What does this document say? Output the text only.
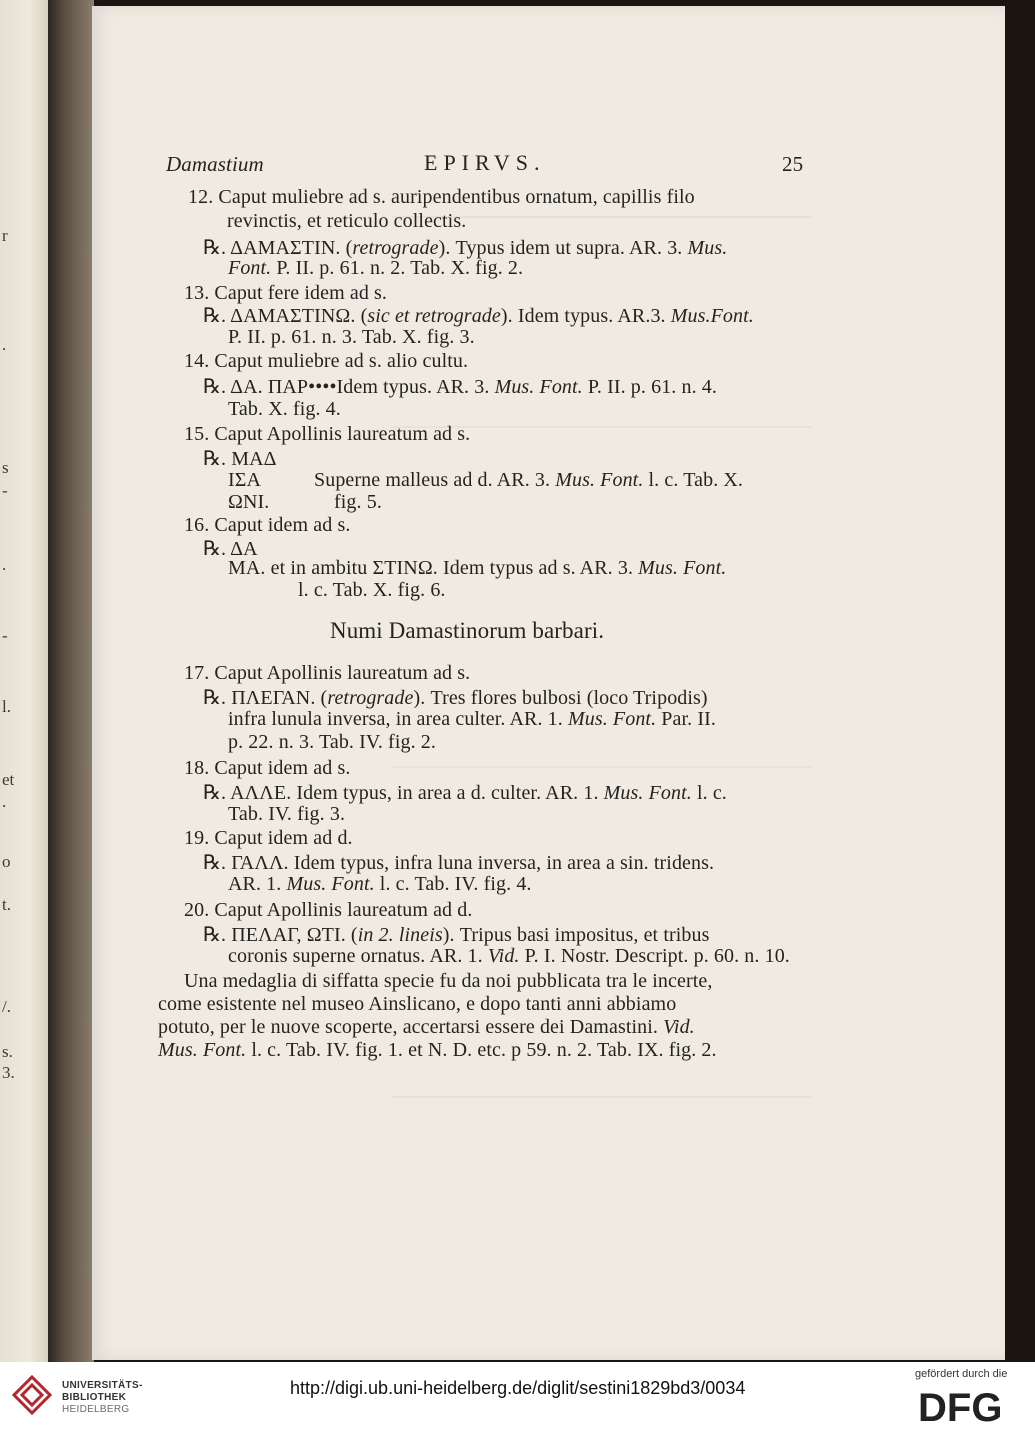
r
.
s
-
.
-
l.
et
.
o
t.
/.
s.
3.
Damastium	EPIRVS.	25
12. Caput muliebre ad s. auripendentibus ornatum, capillis filo
revinctis, et reticulo collectis.
℞. ΔΑΜΑΣΤΙΝ. (retrograde). Typus idem ut supra. AR. 3. Mus.
Font. P. II. p. 61. n. 2. Tab. X. fig. 2.
13. Caput fere idem ad s.
℞. ΔΑΜΑΣΤΙΝΩ. (sic et retrograde). Idem typus. AR.3. Mus.Font.
P. II. p. 61. n. 3. Tab. X. fig. 3.
14. Caput muliebre ad s. alio cultu.
℞. ΔΑ. ΠΑΡ••••Idem typus. AR. 3. Mus. Font. P. II. p. 61. n. 4.
Tab. X. fig. 4.
15. Caput Apollinis laureatum ad s.
℞. ΜΑΔ
ΙΣΑ	Superne malleus ad d. AR. 3. Mus. Font. l. c. Tab. X.
ΩΝΙ.	fig. 5.
16. Caput idem ad s.
℞. ΔΑ
ΜΑ. et in ambitu ΣΤΙΝΩ. Idem typus ad s. AR. 3. Mus. Font.
l. c. Tab. X. fig. 6.
Numi Damastinorum barbari.
17. Caput Apollinis laureatum ad s.
℞. ΠΛΕΓΑΝ. (retrograde). Tres flores bulbosi (loco Tripodis)
infra lunula inversa, in area culter. AR. 1. Mus. Font. Par. II.
p. 22. n. 3. Tab. IV. fig. 2.
18. Caput idem ad s.
℞. ΑΛΛΕ. Idem typus, in area a d. culter. AR. 1. Mus. Font. l. c.
Tab. IV. fig. 3.
19. Caput idem ad d.
℞. ΓΑΛΛ. Idem typus, infra luna inversa, in area a sin. tridens.
AR. 1. Mus. Font. l. c. Tab. IV. fig. 4.
20. Caput Apollinis laureatum ad d.
℞. ΠΕΛΑΓ, ΩΤΙ. (in 2. lineis). Tripus basi impositus, et tribus
coronis superne ornatus. AR. 1. Vid. P. I. Nostr. Descript. p. 60. n. 10.
Una medaglia di siffatta specie fu da noi pubblicata tra le incerte,
come esistente nel museo Ainslicano, e dopo tanti anni abbiamo
potuto, per le nuove scoperte, accertarsi essere dei Damastini. Vid.
Mus. Font. l. c. Tab. IV. fig. 1. et N. D. etc. p 59. n. 2. Tab. IX. fig. 2.
UNIVERSITÄTS-
BIBLIOTHEK
HEIDELBERG
http://digi.ub.uni-heidelberg.de/diglit/sestini1829bd3/0034
gefördert durch die
DFG
